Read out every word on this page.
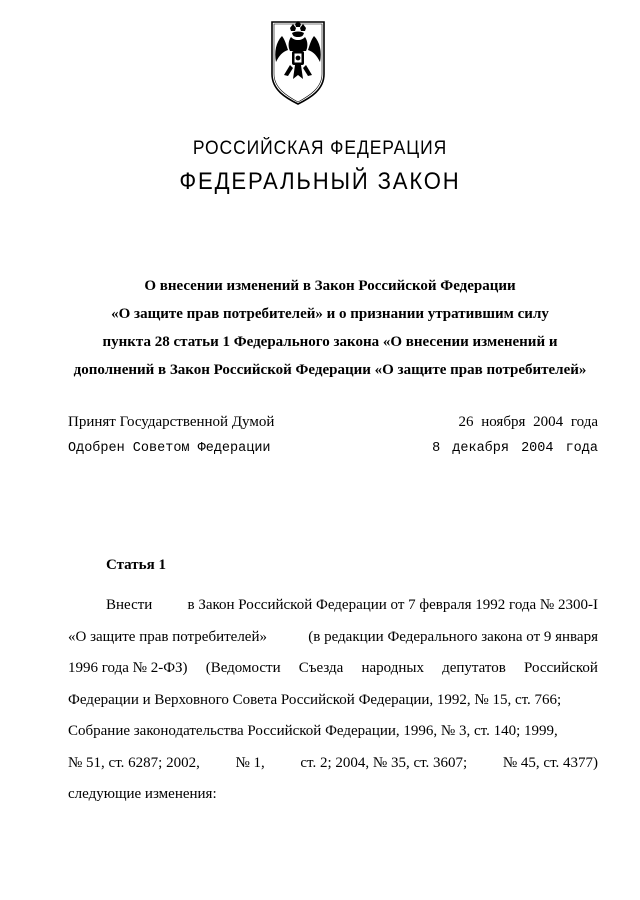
РОССИЙСКАЯ ФЕДЕРАЦИЯ
ФЕДЕРАЛЬНЫЙ ЗАКОН
О внесении изменений в Закон Российской Федерации
«О защите прав потребителей» и о признании утратившим силу
пункта 28 статьи 1 Федерального закона «О внесении изменений и
дополнений в Закон Российской Федерации «О защите прав потребителей»
Принят Государственной Думой	26 ноября 2004 года
Одобрен Советом Федерации	8 декабря 2004 года
Статья 1
Внести в Закон Российской Федерации от 7 февраля 1992 года № 2300-I
«О защите прав потребителей»	(в редакции Федерального закона от 9 января
1996 года № 2-ФЗ) (Ведомости Съезда народных депутатов Российской
Федерации и Верховного Совета Российской Федерации, 1992, № 15, ст. 766;
Собрание законодательства Российской Федерации, 1996, № 3, ст. 140; 1999,
№ 51, ст. 6287; 2002, № 1, ст. 2; 2004, № 35, ст. 3607; № 45, ст. 4377)
следующие изменения:
